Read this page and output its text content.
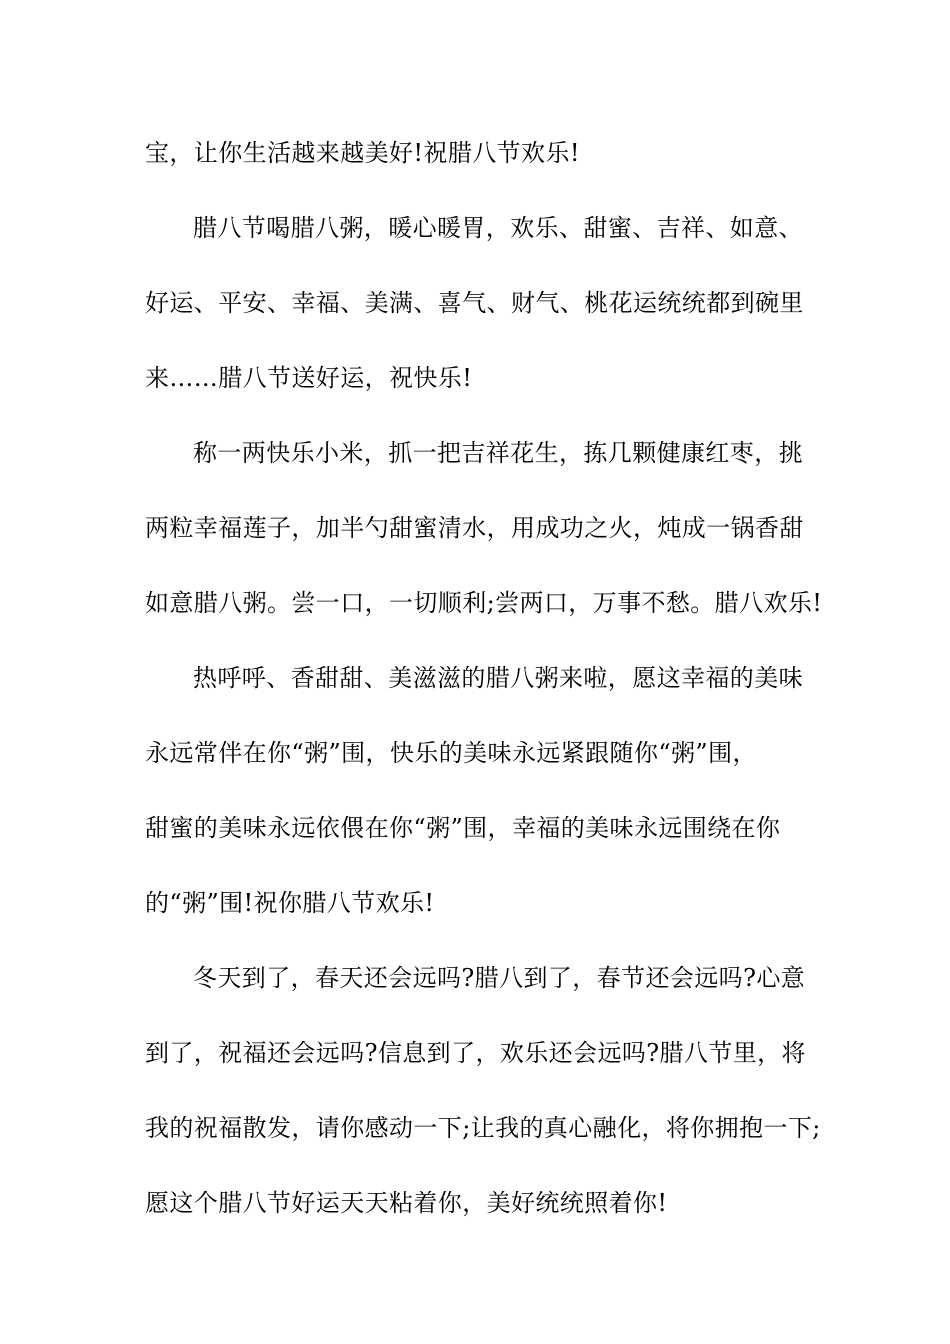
宝，让你生活越来越美好!祝腊八节欢乐!
腊八节喝腊八粥，暖心暖胃，欢乐、甜蜜、吉祥、如意、
好运、平安、幸福、美满、喜气、财气、桃花运统统都到碗里
来……腊八节送好运，祝快乐!
称一两快乐小米，抓一把吉祥花生，拣几颗健康红枣，挑
两粒幸福莲子，加半勺甜蜜清水，用成功之火，炖成一锅香甜
如意腊八粥。尝一口，一切顺利;尝两口，万事不愁。腊八欢乐!
热呼呼、香甜甜、美滋滋的腊八粥来啦，愿这幸福的美味
永远常伴在你“粥”围，快乐的美味永远紧跟随你“粥”围，
甜蜜的美味永远依偎在你“粥”围，幸福的美味永远围绕在你
的“粥”围!祝你腊八节欢乐!
冬天到了，春天还会远吗?腊八到了，春节还会远吗?心意
到了，祝福还会远吗?信息到了，欢乐还会远吗?腊八节里，将
我的祝福散发，请你感动一下;让我的真心融化，将你拥抱一下;
愿这个腊八节好运天天粘着你，美好统统照着你!
